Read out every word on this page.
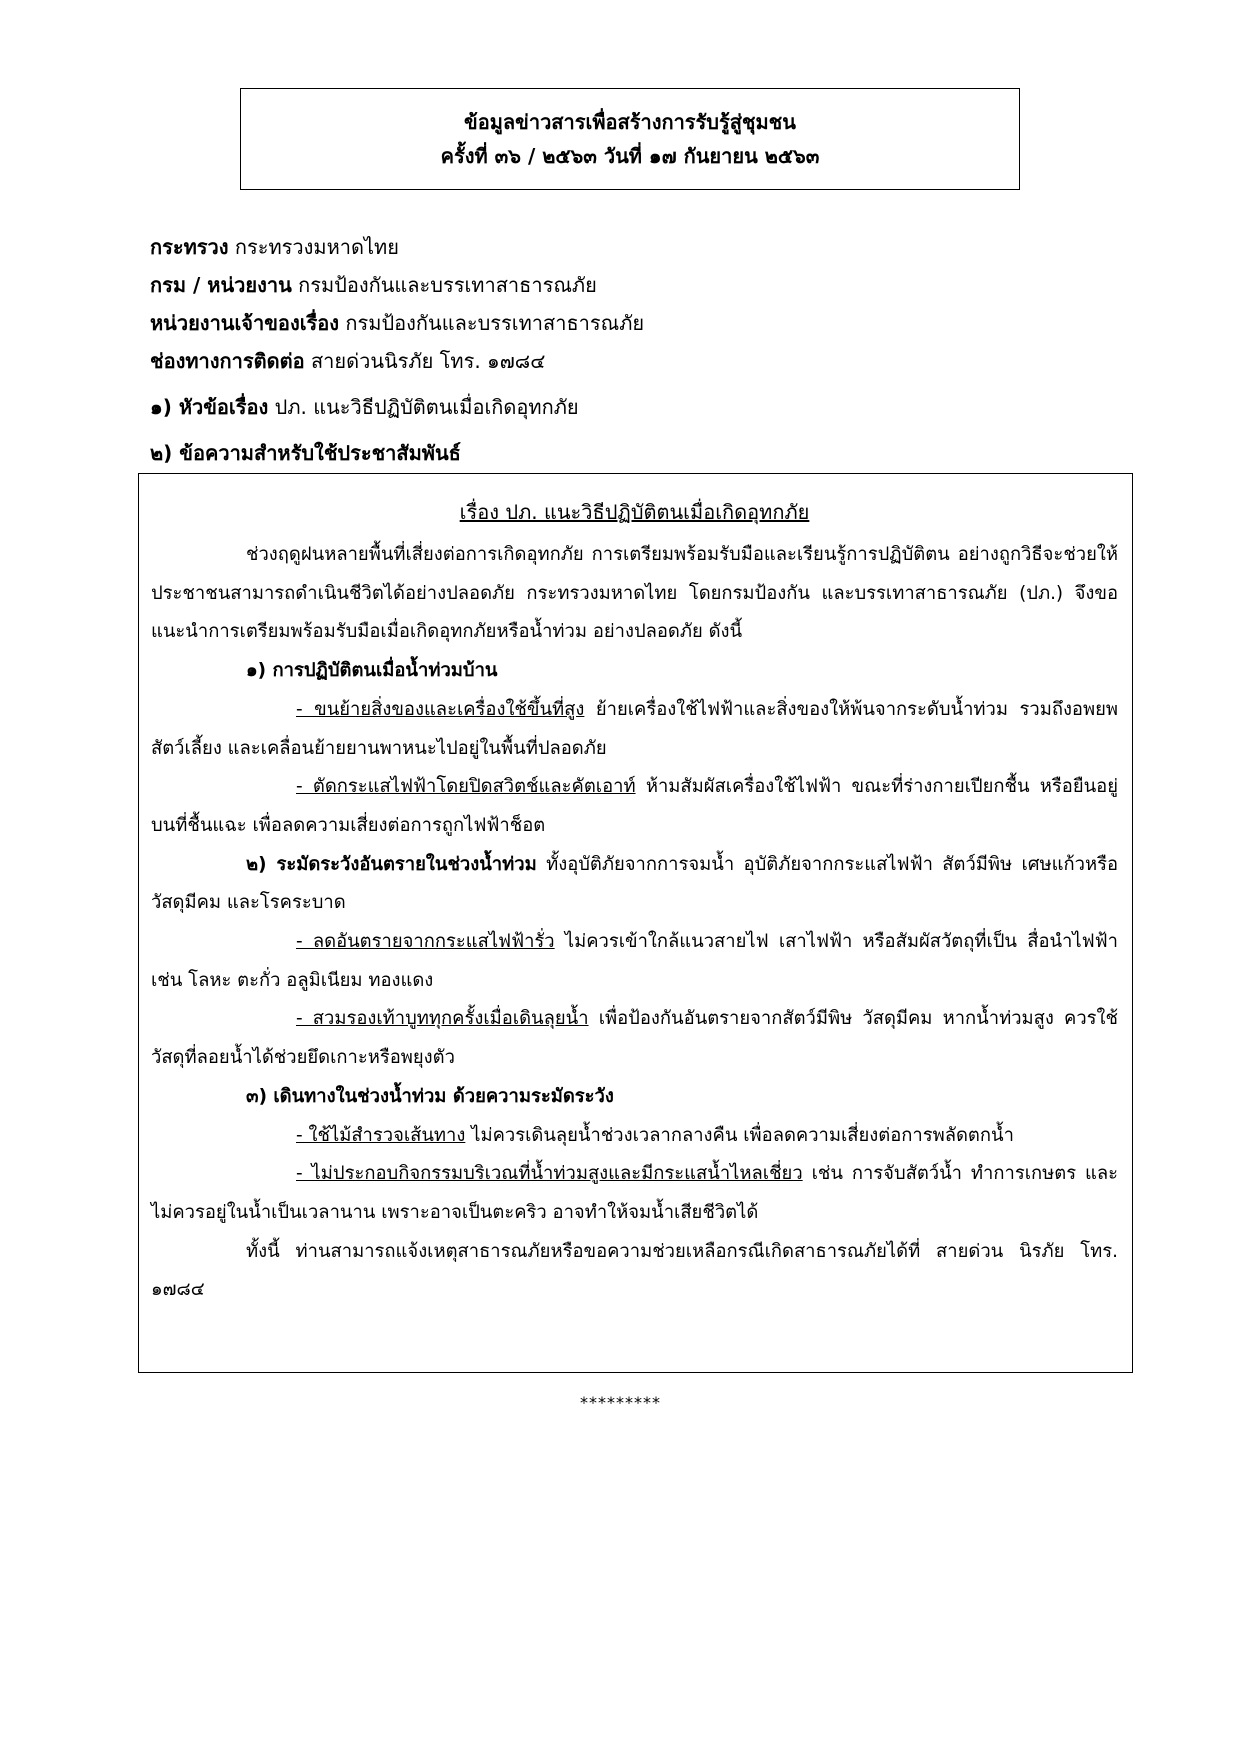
ข้อมูลข่าวสารเพื่อสร้างการรับรู้สู่ชุมชน
ครั้งที่ ๓๖ / ๒๕๖๓ วันที่ ๑๗ กันยายน ๒๕๖๓
กระทรวง กระทรวงมหาดไทย
กรม / หน่วยงาน กรมป้องกันและบรรเทาสาธารณภัย
หน่วยงานเจ้าของเรื่อง กรมป้องกันและบรรเทาสาธารณภัย
ช่องทางการติดต่อ สายด่วนนิรภัย โทร. ๑๗๘๔
๑) หัวข้อเรื่อง ปภ. แนะวิธีปฏิบัติตนเมื่อเกิดอุทกภัย
๒) ข้อความสำหรับใช้ประชาสัมพันธ์
เรื่อง ปภ. แนะวิธีปฏิบัติตนเมื่อเกิดอุทกภัย

ช่วงฤดูฝนหลายพื้นที่เสี่ยงต่อการเกิดอุทกภัย การเตรียมพร้อมรับมือและเรียนรู้การปฏิบัติตน อย่างถูกวิธีจะช่วยให้ประชาชนสามารถดำเนินชีวิตได้อย่างปลอดภัย กระทรวงมหาดไทย โดยกรมป้องกัน และบรรเทาสาธารณภัย (ปภ.) จึงขอแนะนำการเตรียมพร้อมรับมือเมื่อเกิดอุทกภัยหรือน้ำท่วม อย่างปลอดภัย ดังนี้

๑) การปฏิบัติตนเมื่อน้ำท่วมบ้าน

- ขนย้ายสิ่งของและเครื่องใช้ขึ้นที่สูง ย้ายเครื่องใช้ไฟฟ้าและสิ่งของให้พ้นจากระดับน้ำท่วม รวมถึงอพยพสัตว์เลี้ยง และเคลื่อนย้ายยานพาหนะไปอยู่ในพื้นที่ปลอดภัย

- ตัดกระแสไฟฟ้าโดยปิดสวิตช์และคัตเอาท์ ห้ามสัมผัสเครื่องใช้ไฟฟ้า ขณะที่ร่างกายเปียกชื้น หรือยืนอยู่บนที่ชื้นแฉะ เพื่อลดความเสี่ยงต่อการถูกไฟฟ้าช็อต

๒) ระมัดระวังอันตรายในช่วงน้ำท่วม ทั้งอุบัติภัยจากการจมน้ำ อุบัติภัยจากกระแสไฟฟ้า สัตว์มีพิษ เศษแก้วหรือวัสดุมีคม และโรคระบาด

- ลดอันตรายจากกระแสไฟฟ้ารั่ว ไม่ควรเข้าใกล้แนวสายไฟ เสาไฟฟ้า หรือสัมผัสวัตถุที่เป็น สื่อนำไฟฟ้า เช่น โลหะ ตะกั่ว อลูมิเนียม ทองแดง

- สวมรองเท้าบูททุกครั้งเมื่อเดินลุยน้ำ เพื่อป้องกันอันตรายจากสัตว์มีพิษ วัสดุมีคม หากน้ำท่วมสูง ควรใช้วัสดุที่ลอยน้ำได้ช่วยยึดเกาะหรือพยุงตัว

๓) เดินทางในช่วงน้ำท่วม ด้วยความระมัดระวัง

- ใช้ไม้สำรวจเส้นทาง ไม่ควรเดินลุยน้ำช่วงเวลากลางคืน เพื่อลดความเสี่ยงต่อการพลัดตกน้ำ

- ไม่ประกอบกิจกรรมบริเวณที่น้ำท่วมสูงและมีกระแสน้ำไหลเชี่ยว เช่น การจับสัตว์น้ำ ทำการเกษตร และไม่ควรอยู่ในน้ำเป็นเวลานาน เพราะอาจเป็นตะคริว อาจทำให้จมน้ำเสียชีวิตได้

ทั้งนี้ ท่านสามารถแจ้งเหตุสาธารณภัยหรือขอความช่วยเหลือกรณีเกิดสาธารณภัยได้ที่ สายด่วน นิรภัย โทร. ๑๗๘๔

*********
